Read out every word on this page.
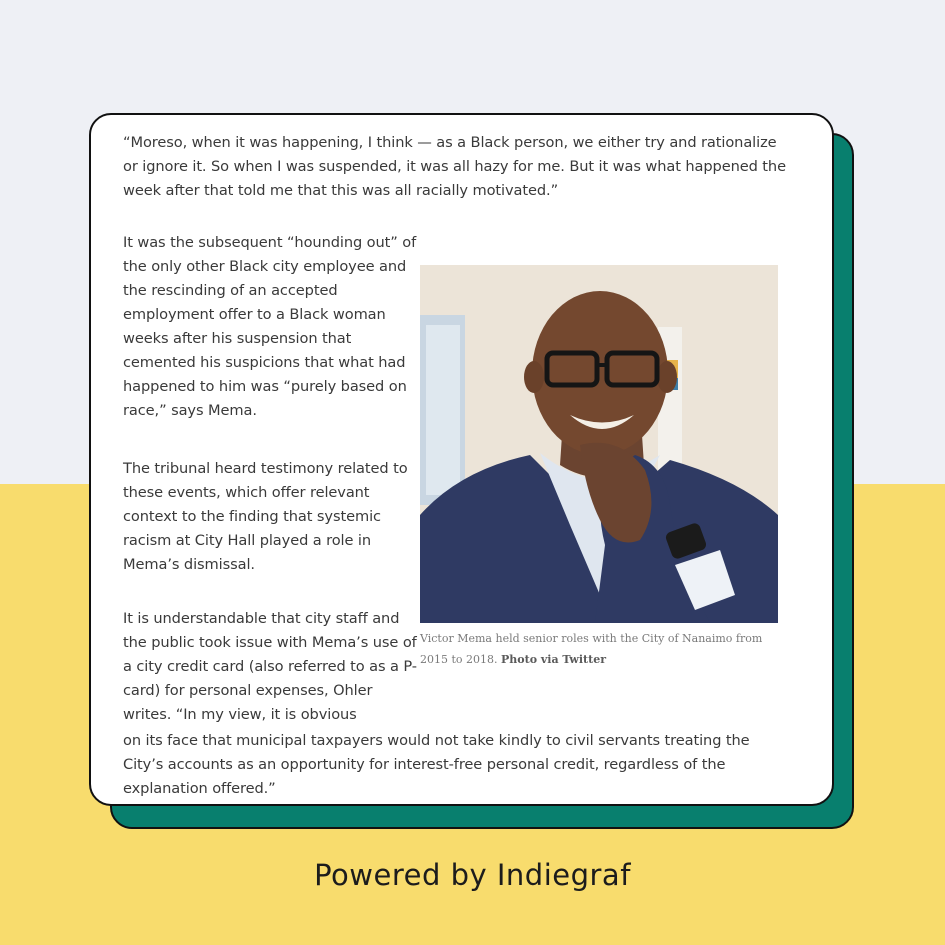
“Moreso, when it was happening, I think — as a Black person, we either try and rationalize or ignore it. So when I was suspended, it was all hazy for me. But it was what happened the week after that told me that this was all racially motivated.”

It was the subsequent “hounding out” of the only other Black city employee and the rescinding of an accepted employment offer to a Black woman weeks after his suspension that cemented his suspicions that what had happened to him was “purely based on race,” says Mema.

The tribunal heard testimony related to these events, which offer relevant context to the finding that systemic racism at City Hall played a role in Mema’s dismissal.

It is understandable that city staff and the public took issue with Mema’s use of a city credit card (also referred to as a P-card) for personal expenses, Ohler writes. “In my view, it is obvious

on its face that municipal taxpayers would not take kindly to civil servants treating the City’s accounts as an opportunity for interest-free personal credit, regardless of the explanation offered.”

Victor Mema held senior roles with the City of Nanaimo from 2015 to 2018. Photo via Twitter

Powered by Indiegraf
